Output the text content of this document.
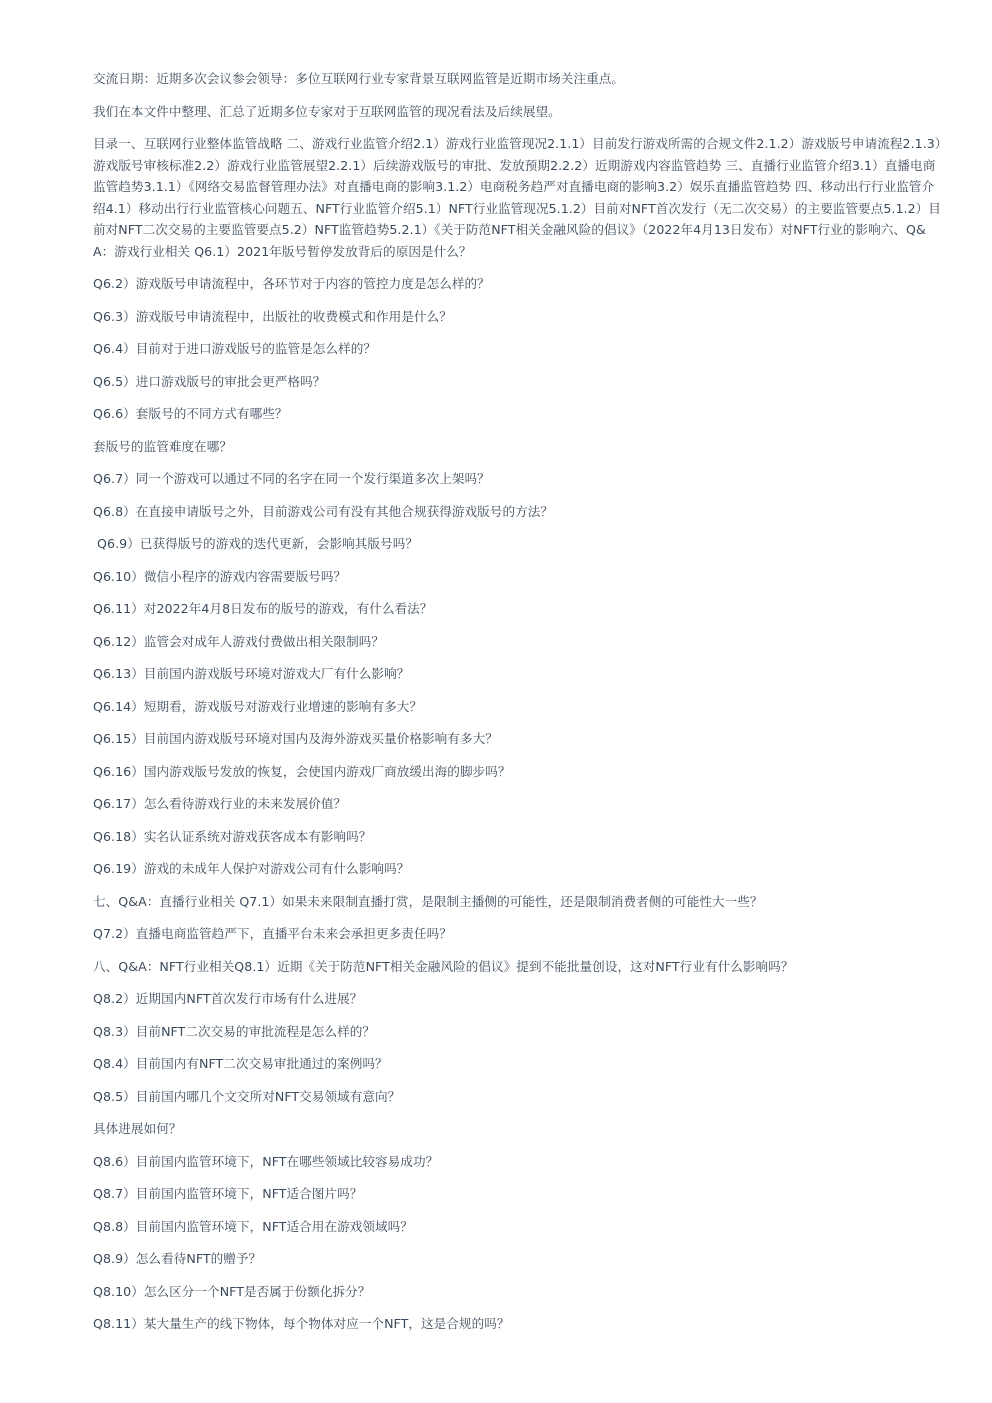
交流日期：近期多次会议参会领导：多位互联网行业专家背景互联网监管是近期市场关注重点。

我们在本文件中整理、汇总了近期多位专家对于互联网监管的现况看法及后续展望。

目录一、互联网行业整体监管战略 二、游戏行业监管介绍2.1）游戏行业监管现况2.1.1）目前发行游戏所需的合规文件2.1.2）游戏版号申请流程2.1.3）游戏版号审核标准2.2）游戏行业监管展望2.2.1）后续游戏版号的审批、发放预期2.2.2）近期游戏内容监管趋势 三、直播行业监管介绍3.1）直播电商监管趋势3.1.1）《网络交易监督管理办法》对直播电商的影响3.1.2）电商税务趋严对直播电商的影响3.2）娱乐直播监管趋势 四、移动出行行业监管介绍4.1）移动出行行业监管核心问题五、NFT行业监管介绍5.1）NFT行业监管现况5.1.2）目前对NFT首次发行（无二次交易）的主要监管要点5.1.2）目前对NFT二次交易的主要监管要点5.2）NFT监管趋势5.2.1）《关于防范NFT相关金融风险的倡议》（2022年4月13日发布）对NFT行业的影响六、Q&A：游戏行业相关 Q6.1）2021年版号暂停发放背后的原因是什么？

Q6.2）游戏版号申请流程中，各环节对于内容的管控力度是怎么样的？

Q6.3）游戏版号申请流程中，出版社的收费模式和作用是什么？

Q6.4）目前对于进口游戏版号的监管是怎么样的？

Q6.5）进口游戏版号的审批会更严格吗？

Q6.6）套版号的不同方式有哪些？

套版号的监管难度在哪？

Q6.7）同一个游戏可以通过不同的名字在同一个发行渠道多次上架吗？

Q6.8）在直接申请版号之外，目前游戏公司有没有其他合规获得游戏版号的方法？

Q6.9）已获得版号的游戏的迭代更新，会影响其版号吗？

Q6.10）微信小程序的游戏内容需要版号吗？

Q6.11）对2022年4月8日发布的版号的游戏，有什么看法？

Q6.12）监管会对成年人游戏付费做出相关限制吗？

Q6.13）目前国内游戏版号环境对游戏大厂有什么影响？

Q6.14）短期看，游戏版号对游戏行业增速的影响有多大？

Q6.15）目前国内游戏版号环境对国内及海外游戏买量价格影响有多大？

Q6.16）国内游戏版号发放的恢复，会使国内游戏厂商放缓出海的脚步吗？

Q6.17）怎么看待游戏行业的未来发展价值？

Q6.18）实名认证系统对游戏获客成本有影响吗？

Q6.19）游戏的未成年人保护对游戏公司有什么影响吗？

七、Q&A：直播行业相关 Q7.1）如果未来限制直播打赏，是限制主播侧的可能性，还是限制消费者侧的可能性大一些？

Q7.2）直播电商监管趋严下，直播平台未来会承担更多责任吗？

八、Q&A：NFT行业相关Q8.1）近期《关于防范NFT相关金融风险的倡议》提到不能批量创设，这对NFT行业有什么影响吗？

Q8.2）近期国内NFT首次发行市场有什么进展？

Q8.3）目前NFT二次交易的审批流程是怎么样的？

Q8.4）目前国内有NFT二次交易审批通过的案例吗？

Q8.5）目前国内哪几个文交所对NFT交易领域有意向？

具体进展如何？

Q8.6）目前国内监管环境下，NFT在哪些领域比较容易成功？

Q8.7）目前国内监管环境下，NFT适合图片吗？

Q8.8）目前国内监管环境下，NFT适合用在游戏领域吗？

Q8.9）怎么看待NFT的赠予？

Q8.10）怎么区分一个NFT是否属于份额化拆分？

Q8.11）某大量生产的线下物体，每个物体对应一个NFT，这是合规的吗？
